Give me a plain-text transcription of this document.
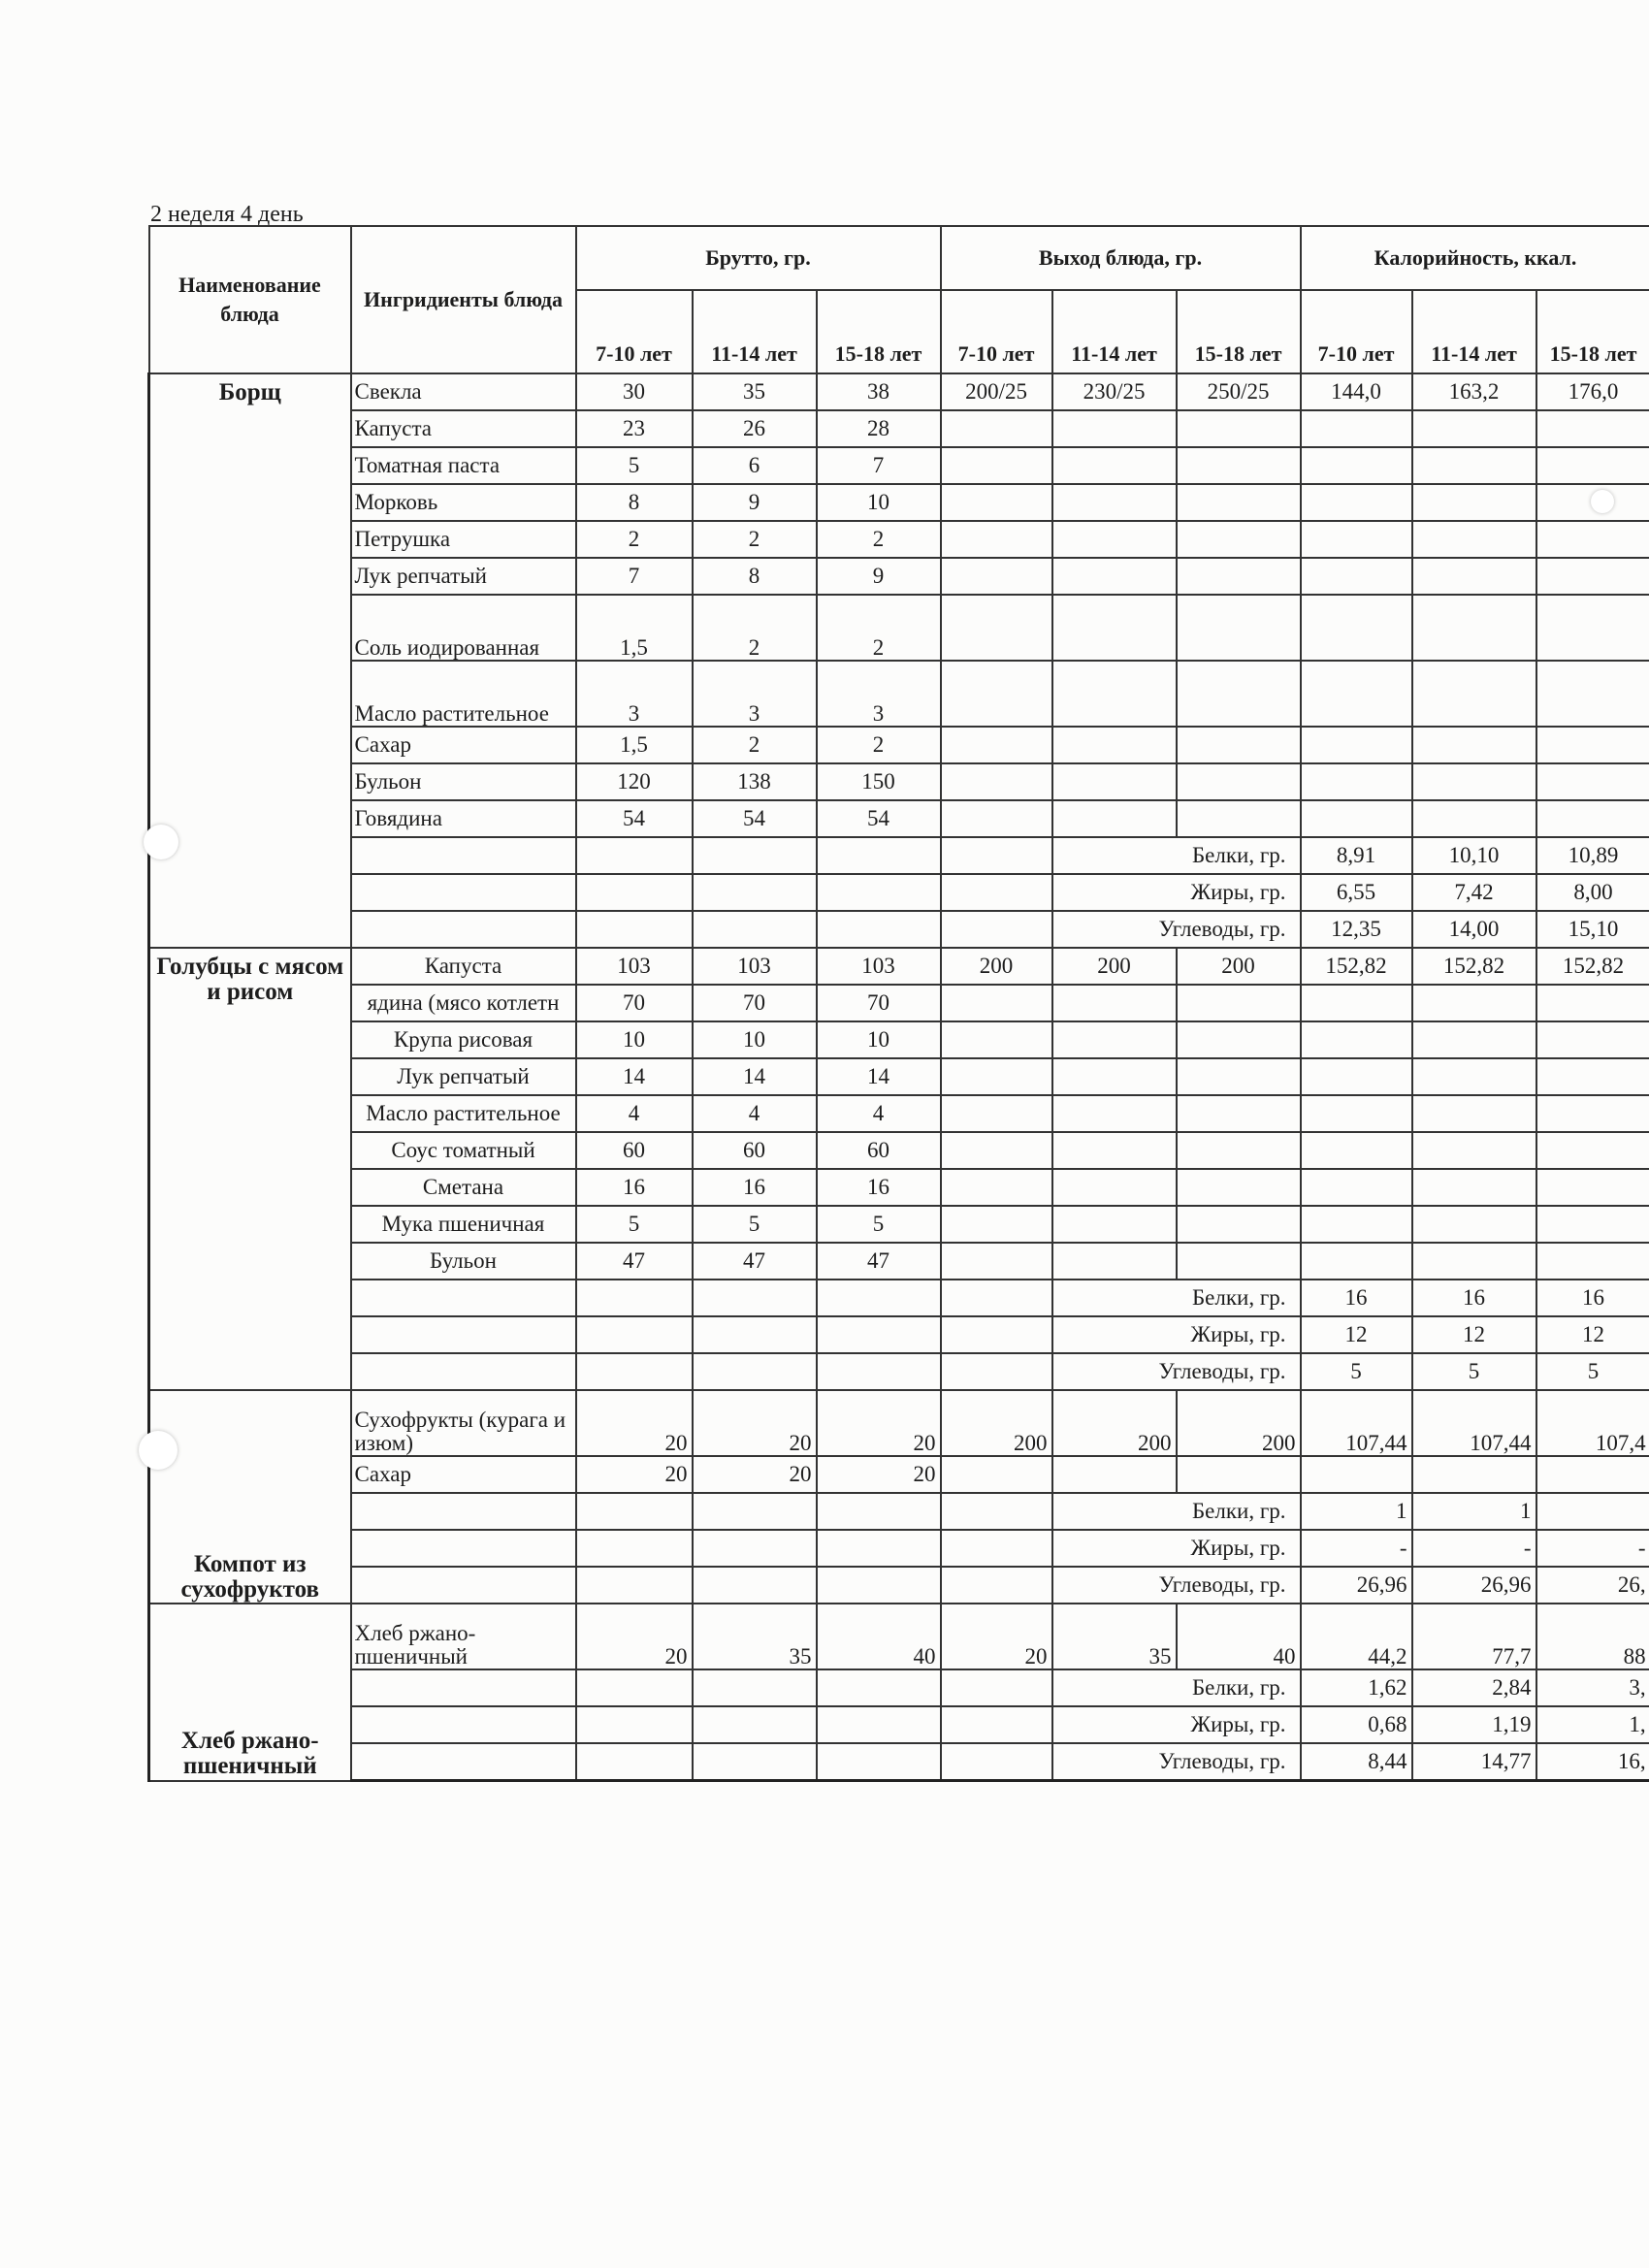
2 неделя 4 день
Наименование блюда	Ингридиенты блюда	Брутто, гр.			Выход блюда, гр.			Калорийность, ккал.		
		7-10 лет	11-14 лет	15-18 лет	7-10 лет	11-14 лет	15-18 лет	7-10 лет	11-14 лет	15-18 лет
Борщ	Свекла	30	35	38	200/25	230/25	250/25	144,0	163,2	176,0
	Капуста	23	26	28						
	Томатная паста	5	6	7						
	Морковь	8	9	10						
	Петрушка	2	2	2						
	Лук репчатый	7	8	9						
	Соль иодированная	1,5	2	2						
	Масло растительное	3	3	3						
	Сахар	1,5	2	2						
	Бульон	120	138	150						
	Говядина	54	54	54						
						Белки, гр.		8,91	10,10	10,89
						Жиры, гр.		6,55	7,42	8,00
						Углеводы, гр.		12,35	14,00	15,10
Голубцы с мясом и рисом	Капуста	103	103	103	200	200	200	152,82	152,82	152,82
	ядина (мясо котлетн	70	70	70						
	Крупа рисовая	10	10	10						
	Лук репчатый	14	14	14						
	Масло растительное	4	4	4						
	Соус томатный	60	60	60						
	Сметана	16	16	16						
	Мука пшеничная	5	5	5						
	Бульон	47	47	47						
						Белки, гр.		16	16	16
						Жиры, гр.		12	12	12
						Углеводы, гр.		5	5	5
Компот из сухофруктов	Сухофрукты (курага и изюм)	20	20	20	200	200	200	107,44	107,44	107,4
	Сахар	20	20	20						
						Белки, гр.		1	1	
						Жиры, гр.		-	-	-
						Углеводы, гр.		26,96	26,96	26,
Хлеб ржано-пшеничный	Хлеб ржано-пшеничный	20	35	40	20	35	40	44,2	77,7	88
						Белки, гр.		1,62	2,84	3,
						Жиры, гр.		0,68	1,19	1,
						Углеводы, гр.		8,44	14,77	16,
